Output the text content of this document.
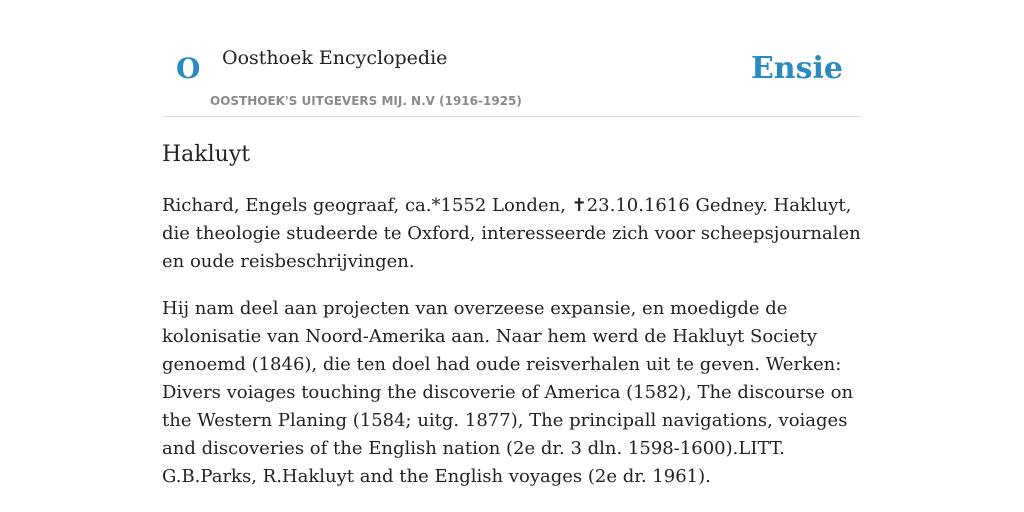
O Oosthoek Encyclopedie
OOSTHOEK'S UITGEVERS MIJ. N.V (1916-1925)
Ensie
Hakluyt

Richard, Engels geograaf, ca.*1552 Londen, ✝23.10.1616 Gedney. Hakluyt, die theologie studeerde te Oxford, interesseerde zich voor scheepsjournalen en oude reisbeschrijvingen.

Hij nam deel aan projecten van overzeese expansie, en moedigde de kolonisatie van Noord-Amerika aan. Naar hem werd de Hakluyt Society genoemd (1846), die ten doel had oude reisverhalen uit te geven. Werken: Divers voiages touching the discoverie of America (1582), The discourse on the Western Planing (1584; uitg. 1877), The principall navigations, voiages and discoveries of the English nation (2e dr. 3 dln. 1598-1600).LITT. G.B.Parks, R.Hakluyt and the English voyages (2e dr. 1961).
